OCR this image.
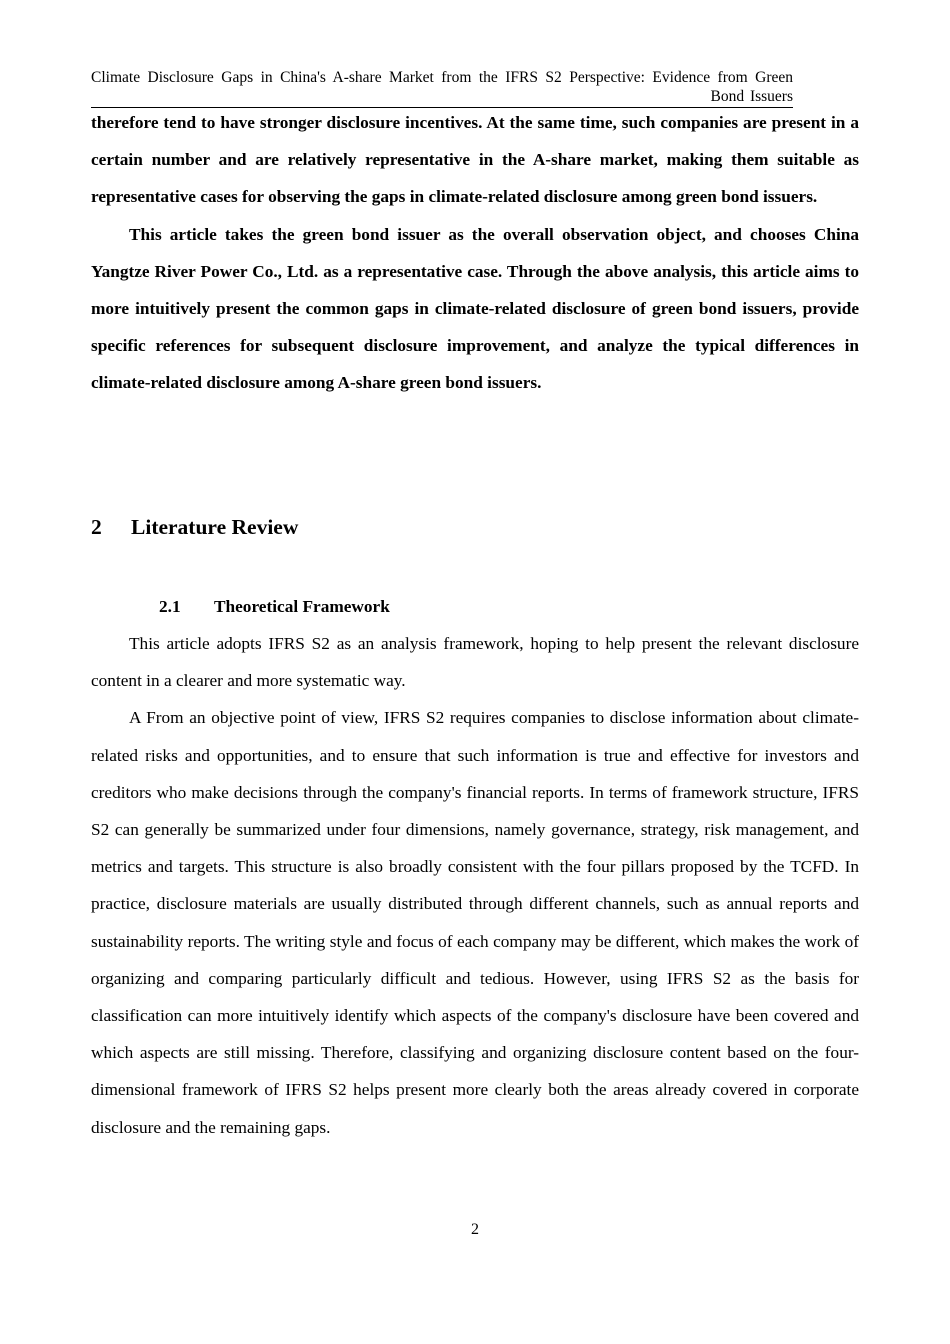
Climate Disclosure Gaps in China's A-share Market from the IFRS S2 Perspective: Evidence from Green Bond Issuers

therefore tend to have stronger disclosure incentives. At the same time, such companies are present in a certain number and are relatively representative in the A-share market, making them suitable as representative cases for observing the gaps in climate-related disclosure among green bond issuers.

This article takes the green bond issuer as the overall observation object, and chooses China Yangtze River Power Co., Ltd. as a representative case. Through the above analysis, this article aims to more intuitively present the common gaps in climate-related disclosure of green bond issuers, provide specific references for subsequent disclosure improvement, and analyze the typical differences in climate-related disclosure among A-share green bond issuers.

2 Literature Review
2.1 Theoretical Framework

This article adopts IFRS S2 as an analysis framework, hoping to help present the relevant disclosure content in a clearer and more systematic way.

A From an objective point of view, IFRS S2 requires companies to disclose information about climate-related risks and opportunities, and to ensure that such information is true and effective for investors and creditors who make decisions through the company's financial reports. In terms of framework structure, IFRS S2 can generally be summarized under four dimensions, namely governance, strategy, risk management, and metrics and targets. This structure is also broadly consistent with the four pillars proposed by the TCFD. In practice, disclosure materials are usually distributed through different channels, such as annual reports and sustainability reports. The writing style and focus of each company may be different, which makes the work of organizing and comparing particularly difficult and tedious. However, using IFRS S2 as the basis for classification can more intuitively identify which aspects of the company's disclosure have been covered and which aspects are still missing. Therefore, classifying and organizing disclosure content based on the four-dimensional framework of IFRS S2 helps present more clearly both the areas already covered in corporate disclosure and the remaining gaps.

2
